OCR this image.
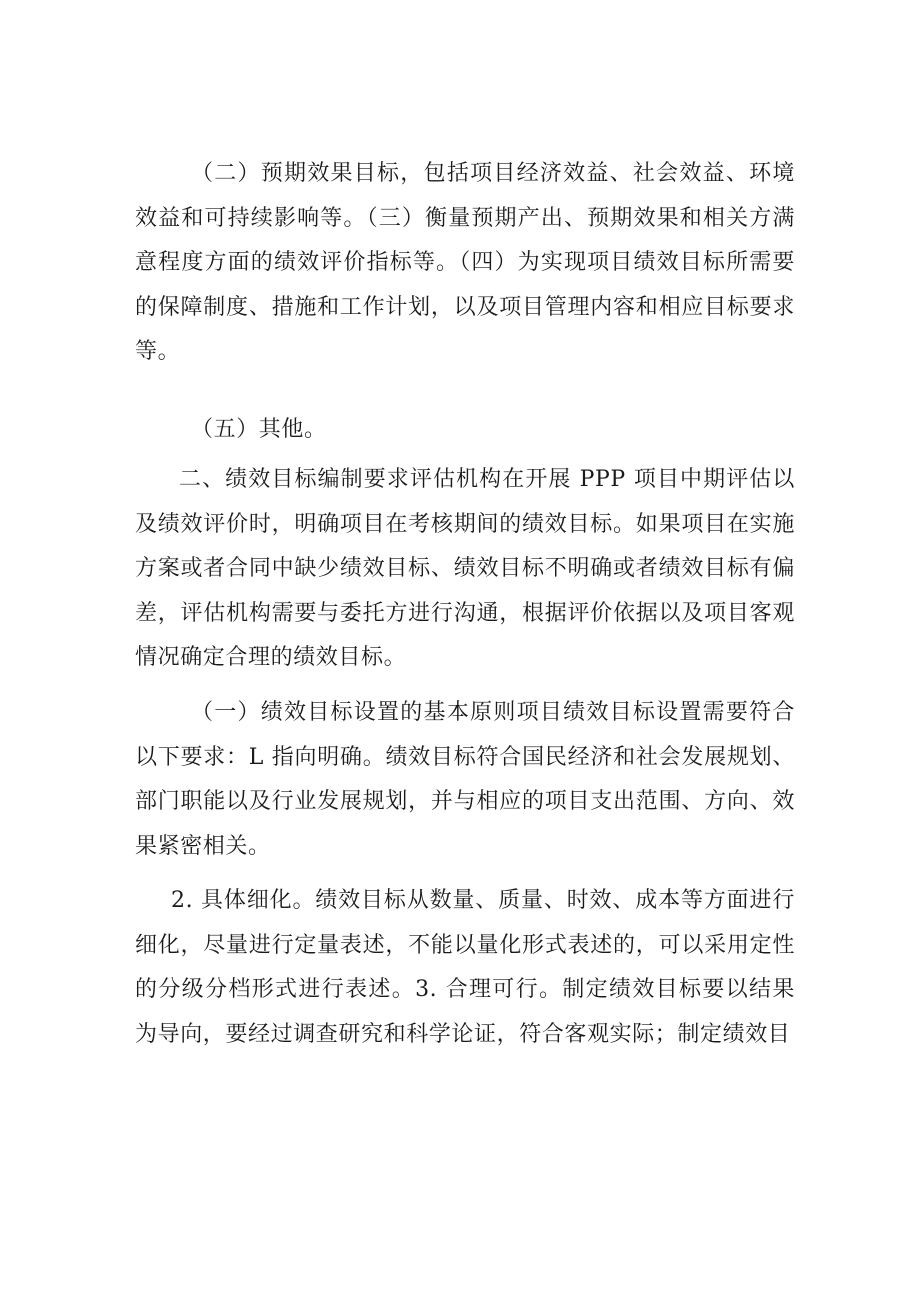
（二）预期效果目标，包括项目经济效益、社会效益、环境效益和可持续影响等。（三）衡量预期产出、预期效果和相关方满意程度方面的绩效评价指标等。（四）为实现项目绩效目标所需要的保障制度、措施和工作计划，以及项目管理内容和相应目标要求等。

（五）其他。

二、绩效目标编制要求评估机构在开展 PPP 项目中期评估以及绩效评价时，明确项目在考核期间的绩效目标。如果项目在实施方案或者合同中缺少绩效目标、绩效目标不明确或者绩效目标有偏差，评估机构需要与委托方进行沟通，根据评价依据以及项目客观情况确定合理的绩效目标。

（一）绩效目标设置的基本原则项目绩效目标设置需要符合以下要求：L 指向明确。绩效目标符合国民经济和社会发展规划、部门职能以及行业发展规划，并与相应的项目支出范围、方向、效果紧密相关。

2. 具体细化。绩效目标从数量、质量、时效、成本等方面进行细化，尽量进行定量表述，不能以量化形式表述的，可以采用定性的分级分档形式进行表述。3. 合理可行。制定绩效目标要以结果为导向，要经过调查研究和科学论证，符合客观实际；制定绩效目
